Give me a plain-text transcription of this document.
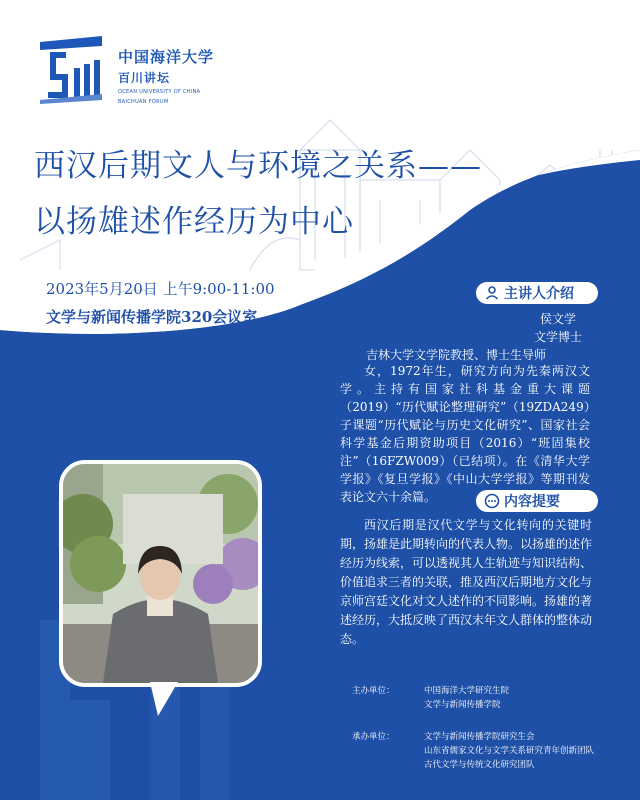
中国海洋大学
百川讲坛
OCEAN UNIVERSITY OF CHINA
BAICHUAN FORUM
西汉后期文人与环境之关系——
以扬雄述作经历为中心
2023年5月20日 上午9:00-11:00
文学与新闻传播学院320会议室
主讲人介绍
侯文学
文学博士
吉林大学文学院教授、博士生导师
女，1972年生，研究方向为先秦两汉文学。主持有国家社科基金重大课题（2019）“历代赋论整理研究”（19ZDA249）子课题“历代赋论与历史文化研究”、国家社会科学基金后期资助项目（2016）“班固集校注”（16FZW009）（已结项）。在《清华大学学报》《复旦学报》《中山大学学报》等期刊发表论文六十余篇。	内容提要
西汉后期是汉代文学与文化转向的关键时期，扬雄是此期转向的代表人物。以扬雄的述作经历为线索，可以透视其人生轨迹与知识结构、价值追求三者的关联，推及西汉后期地方文化与京师宫廷文化对文人述作的不同影响。扬雄的著述经历，大抵反映了西汉末年文人群体的整体动态。
主办单位：	中国海洋大学研究生院
文学与新闻传播学院
承办单位：	文学与新闻传播学院研究生会
山东省儒家文化与文学关系研究青年创新团队
古代文学与传统文化研究团队
